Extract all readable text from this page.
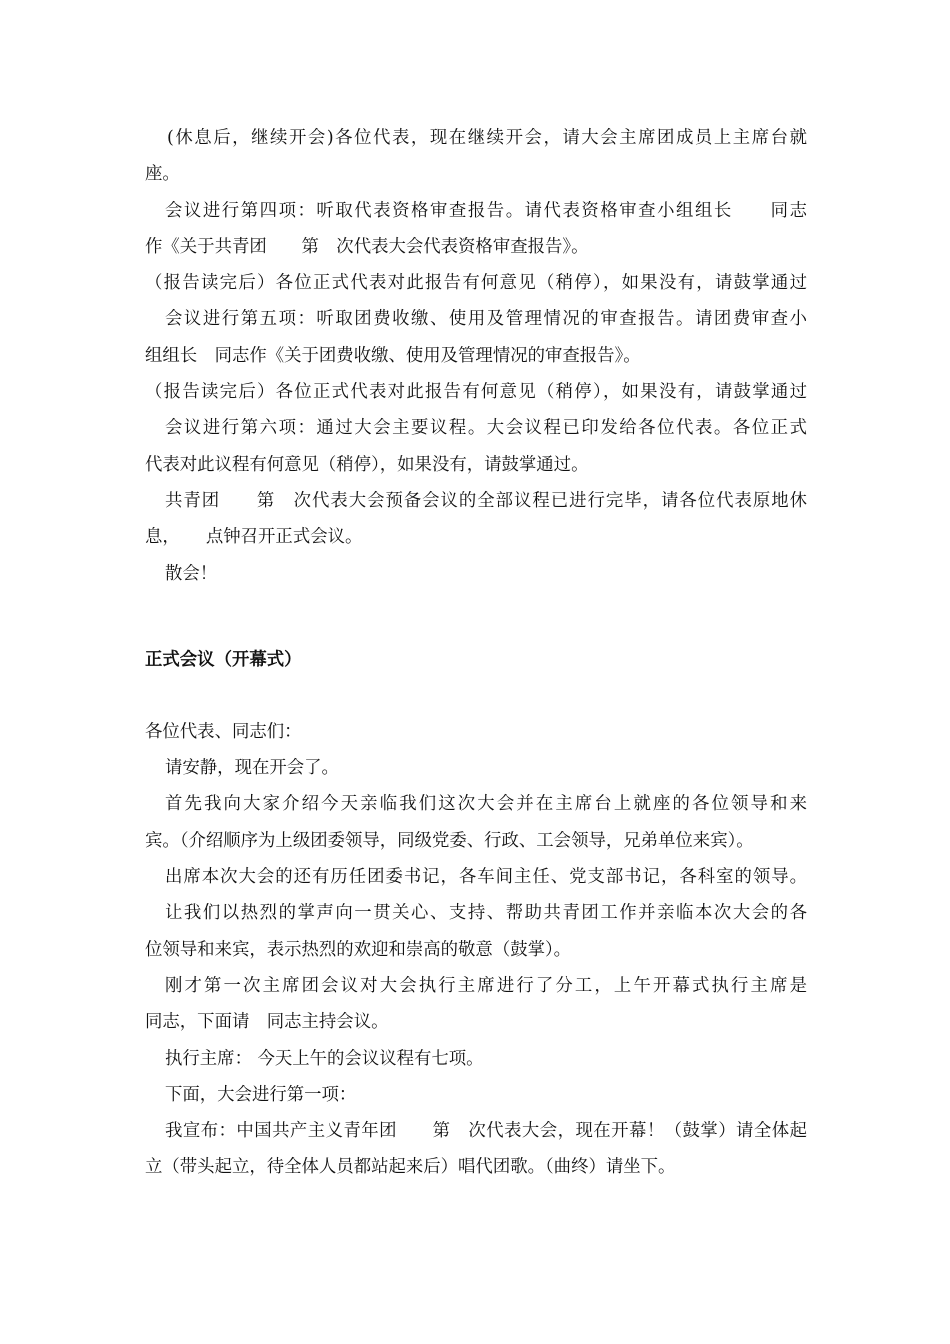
(休息后，继续开会)各位代表，现在继续开会，请大会主席团成员上主席台就
座。
会议进行第四项：听取代表资格审查报告。请代表资格审查小组组长　　同志
作《关于共青团　　第　次代表大会代表资格审查报告》。
（报告读完后）各位正式代表对此报告有何意见（稍停），如果没有，请鼓掌通过
会议进行第五项：听取团费收缴、使用及管理情况的审查报告。请团费审查小
组组长　同志作《关于团费收缴、使用及管理情况的审查报告》。
（报告读完后）各位正式代表对此报告有何意见（稍停），如果没有，请鼓掌通过
会议进行第六项：通过大会主要议程。大会议程已印发给各位代表。各位正式
代表对此议程有何意见（稍停），如果没有，请鼓掌通过。
共青团　　第　次代表大会预备会议的全部议程已进行完毕，请各位代表原地休
息，　　点钟召开正式会议。
散会！
正式会议（开幕式）
各位代表、同志们：
请安静，现在开会了。
首先我向大家介绍今天亲临我们这次大会并在主席台上就座的各位领导和来
宾。（介绍顺序为上级团委领导，同级党委、行政、工会领导，兄弟单位来宾）。
出席本次大会的还有历任团委书记，各车间主任、党支部书记，各科室的领导。
让我们以热烈的掌声向一贯关心、支持、帮助共青团工作并亲临本次大会的各
位领导和来宾，表示热烈的欢迎和崇高的敬意（鼓掌）。
刚才第一次主席团会议对大会执行主席进行了分工，上午开幕式执行主席是
同志，下面请　同志主持会议。
执行主席： 今天上午的会议议程有七项。
下面，大会进行第一项：
我宣布：中国共产主义青年团　　第　次代表大会，现在开幕！（鼓掌）请全体起
立（带头起立，待全体人员都站起来后）唱代团歌。（曲终）请坐下。
